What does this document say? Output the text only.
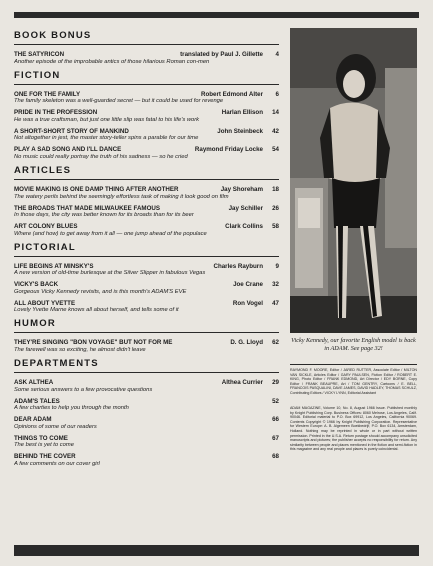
BOOK BONUS
THE SATYRICON	translated by Paul J. Gillette	4
Another episode of the improbable antics of those hilarious Roman con-men
FICTION
ONE FOR THE FAMILY	Robert Edmond Alter	6
The family skeleton was a well-guarded secret — but it could be used for revenge
PRIDE IN THE PROFESSION	Harlan Ellison	14
He was a true craftsman, but just one little slip was fatal to his life's work
A SHORT-SHORT STORY OF MANKIND	John Steinbeck	42
Not altogether in jest, the master story-teller spins a parable for our time
PLAY A SAD SONG AND I'LL DANCE	Raymond Friday Locke	54
No music could really portray the truth of his sadness — so he cried
ARTICLES
MOVIE MAKING IS ONE DAMP THING AFTER ANOTHER	Jay Shoreham	18
The watery perils behind the seemingly effortless task of making it look good on film
THE BROADS THAT MADE MILWAUKEE FAMOUS	Jay Schiller	26
In those days, the city was better known for its broads than for its beer
ART COLONY BLUES	Clark Collins	58
Where (and how) to get away from it all — one jump ahead of the populace
PICTORIAL
LIFE BEGINS AT MINSKY'S	Charles Rayburn	9
A new version of old-time burlesque at the Silver Slipper in fabulous Vegas
VICKY'S BACK	Joe Crane	32
Gorgeous Vicky Kennedy revisits, and is this month's ADAM'S EVE
ALL ABOUT YVETTE	Ron Vogel	47
Lovely Yvette Marne knows all about herself, and tells some of it
HUMOR
THEY'RE SINGING "BON VOYAGE" BUT NOT FOR ME	D. G. Lloyd	62
The farewell was so exciting, he almost didn't leave
DEPARTMENTS
ASK ALTHEA	Althea Currier	29
Some serious answers to a few provocative questions
ADAM'S TALES	52
A few charties to help you through the month
DEAR ADAM	66
Opinions of some of our readers
THINGS TO COME	67
The best is yet to come
BEHIND THE COVER	68
A few comments on our cover girl
Vicky Kennedy, our favorite English model is back in ADAM. See page 32!
RAYMOND F. MOORE, Editor / JARED RUTTER, Associate Editor / MILTON VAN SICKLE, Articles Editor / GARY PAULSEN, Fiction Editor / ROBERT E. KING, Photo Editor / FRANK EDMOND, Art Director / EDY BORNE, Copy Editor / FRANK BEAUPRE, Art / TOM GENTRY, Cartoons / E. BELL, FRANCOIS PASQUALINI, DAVE JAMES, DAVID HADLEY, THOMAS SCHULZ, Contributing Editors / VICKY LYNN, Editorial Assistant
ADAM MAGAZINE, Volume 10, No. 8, August 1966 Issue. Published monthly by Knight Publishing Corp. Business Offices: 8060 Melrose, Los Angeles, Calif. 90046. Editorial material to P.O. Box 69912, Los Angeles, California 90069. Contents Copyright © 1966 by Knight Publishing Corporation. Representative for Western Europe: A. B. Algemeen Boekbedrijf, P.O. Box 6134, Amsterdam, Holland. Nothing may be reprinted in whole or in part without written permission. Printed in the U.S.A. Return postage should accompany unsolicited manuscripts and pictures; the publisher accepts no responsibility for return. Any similarity between people and places mentioned in the fiction and semi-fiction in this magazine and any real people and places is purely coincidental.
